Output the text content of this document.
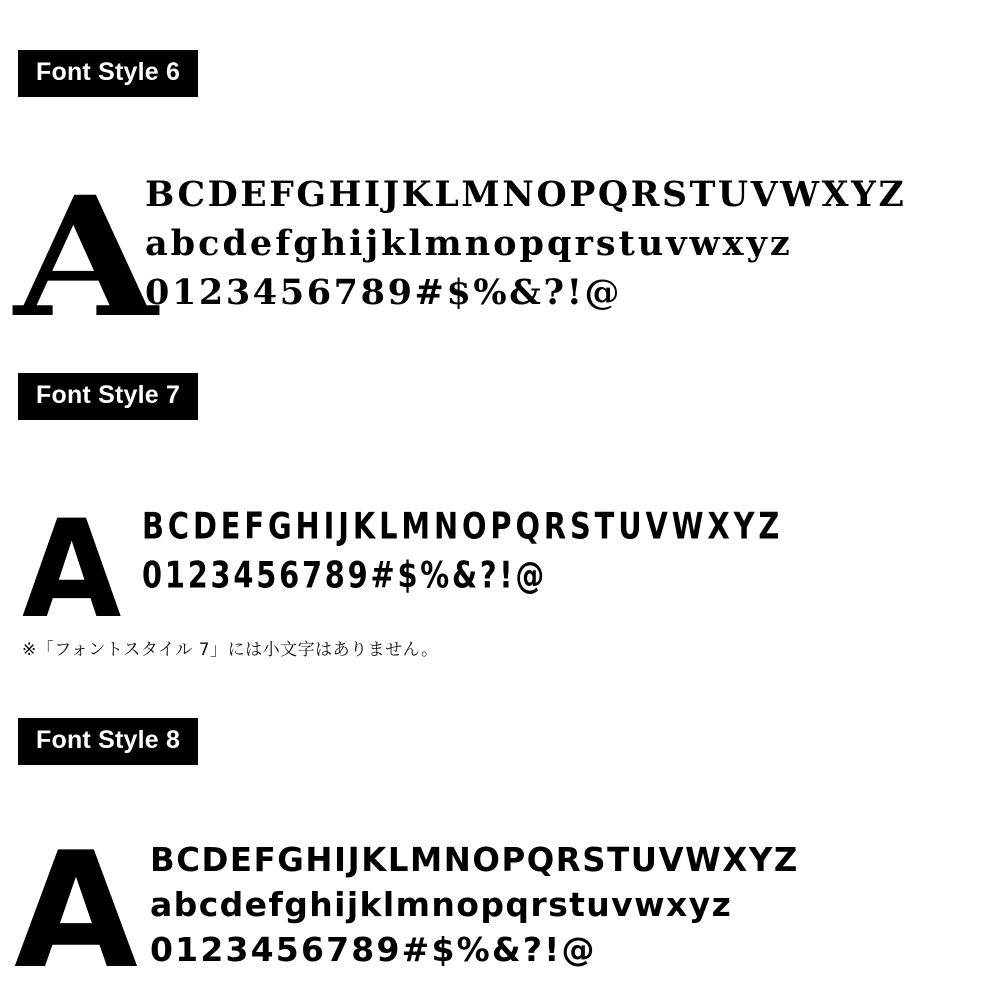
Font Style 6
A
BCDEFGHIJKLMNOPQRSTUVWXYZ
abcdefghijklmnopqrstuvwxyz
0123456789#$%&?!@
Font Style 7
A BCDEFGHIJKLMNOPQRSTUVWXYZ
0123456789#$%&?!@
※「フォントスタイル 7」には小文字はありません。
Font Style 8
A BCDEFGHIJKLMNOPQRSTUVWXYZ
abcdefghijklmnopqrstuvwxyz
0123456789#$%&?!@
